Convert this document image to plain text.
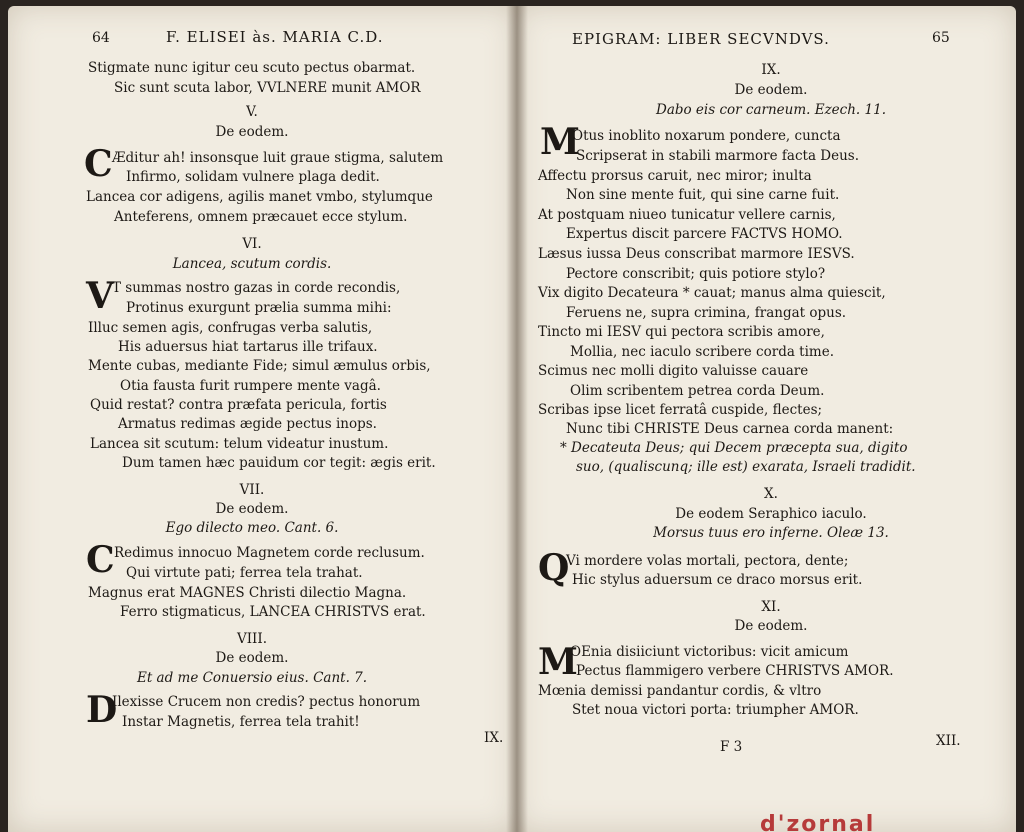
64	F. ELISEI às. MARIA C.D.
Stigmate nunc igitur ceu scuto pectus obarmat.
Sic sunt scuta labor, VVLNERE munit AMOR
V.
De eodem.
C Æditur ah! insonsque luit graue stigma, salutem
Infirmo, solidam vulnere plaga dedit.
Lancea cor adigens, agilis manet vmbo, stylumque
Anteferens, omnem præcauet ecce stylum.
VI.
Lancea, scutum cordis.
V
T summas nostro gazas in corde recondis,
Protinus exurgunt prælia summa mihi:
Illuc semen agis, confrugas verba salutis,
His aduersus hiat tartarus ille trifaux.
Mente cubas, mediante Fide; simul æmulus orbis,
Otia fausta furit rumpere mente vagâ.
Quid restat? contra præfata pericula, fortis
Armatus redimas ægide pectus inops.
Lancea sit scutum: telum videatur inustum.
Dum tamen hæc pauidum cor tegit: ægis erit.
VII.
De eodem.
Ego dilecto meo. Cant. 6.
C Redimus innocuo Magnetem corde reclusum.
Qui virtute pati; ferrea tela trahat.
Magnus erat MAGNES Christi dilectio Magna.
Ferro stigmaticus, LANCEA CHRISTVS erat.
VIII.
De eodem.
Et ad me Conuersio eius. Cant. 7.
D
Ilexisse Crucem non credis? pectus honorum
Instar Magnetis, ferrea tela trahit!
IX.
EPIGRAM: LIBER SECVNDVS.	65
IX.
De eodem.
Dabo eis cor carneum. Ezech. 11.
M
Otus inoblito noxarum pondere, cuncta
Scripserat in stabili marmore facta Deus.
Affectu prorsus caruit, nec miror; inulta
Non sine mente fuit, qui sine carne fuit.
At postquam niueo tunicatur vellere carnis,
Expertus discit parcere FACTVS HOMO.
Læsus iussa Deus conscribat marmore IESVS.
Pectore conscribit; quis potiore stylo?
Vix digito Decateura * cauat; manus alma quiescit,
Feruens ne, supra crimina, frangat opus.
Tincto mi IESV qui pectora scribis amore,
Mollia, nec iaculo scribere corda time.
Scimus nec molli digito valuisse cauare
Olim scribentem petrea corda Deum.
Scribas ipse licet ferratâ cuspide, flectes;
Nunc tibi CHRISTE Deus carnea corda manent:
* Decateuta Deus; qui Decem præcepta sua, digito
suo, (qualiscunq; ille est) exarata, Israeli tradidit.
X.
De eodem Seraphico iaculo.
Morsus tuus ero inferne. Oleæ 13.
Q
Vi mordere volas mortali, pectora, dente;
Hic stylus aduersum ce draco morsus erit.
XI.
De eodem.
M
OEnia disiiciunt victoribus: vicit amicum
Pectus flammigero verbere CHRISTVS AMOR.
Mœnia demissi pandantur cordis, & vltro
Stet noua victori porta: triumpher AMOR.
F 3	XII.
d'zornal
